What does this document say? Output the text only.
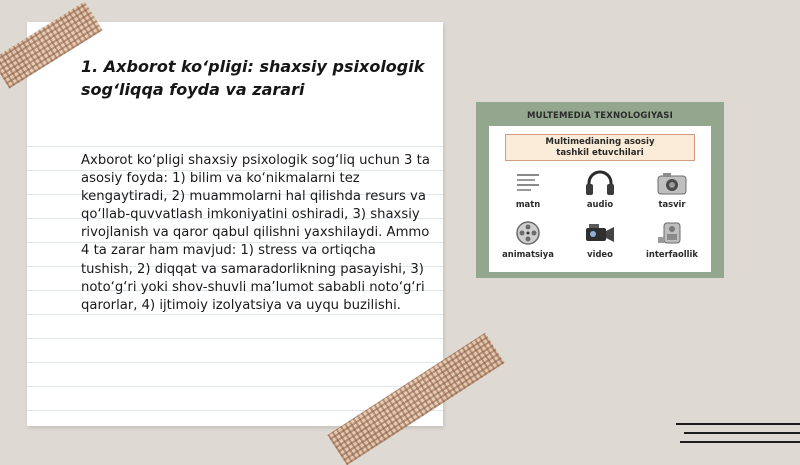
1. Axborot ko‘pligi: shaxsiy psixologik
sog‘liqqa foyda va zarari

Axborot ko‘pligi shaxsiy psixologik sog‘liq uchun 3 ta asosiy foyda: 1) bilim va ko‘nikmalarni tez kengaytiradi, 2) muammolarni hal qilishda resurs va qo‘llab-quvvatlash imkoniyatini oshiradi, 3) shaxsiy rivojlanish va qaror qabul qilishni yaxshilaydi. Ammo 4 ta zarar ham mavjud: 1) stress va ortiqcha tushish, 2) diqqat va samaradorlikning pasayishi, 3) noto‘g‘ri yoki shov-shuvli ma’lumot sababli noto‘g‘ri qarorlar, 4) ijtimoiy izolyatsiya va uyqu buzilishi.

MULTEMEDIA TEXNOLOGIYASI
Multimedianing asosiy
tashkil etuvchilari
matn	audio	tasvir
animatsiya	video	interfaollik
